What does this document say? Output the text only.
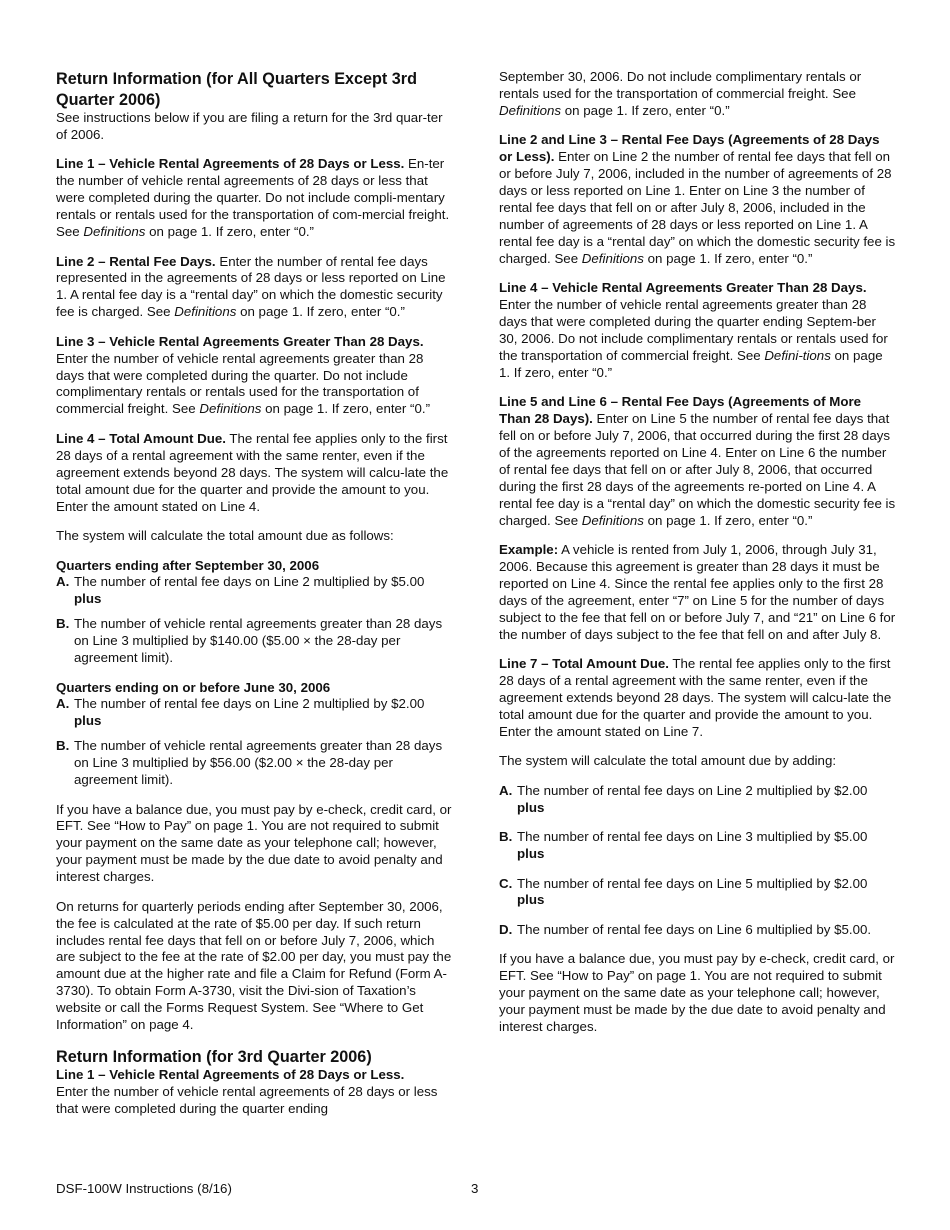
Return Information (for All Quarters Except 3rd Quarter 2006)

See instructions below if you are filing a return for the 3rd quar-ter of 2006.

Line 1 – Vehicle Rental Agreements of 28 Days or Less. En-ter the number of vehicle rental agreements of 28 days or less that were completed during the quarter. Do not include compli-mentary rentals or rentals used for the transportation of com-mercial freight. See Definitions on page 1. If zero, enter “0.”

Line 2 – Rental Fee Days. Enter the number of rental fee days represented in the agreements of 28 days or less reported on Line 1. A rental fee day is a “rental day” on which the domestic security fee is charged. See Definitions on page 1. If zero, enter “0.”

Line 3 – Vehicle Rental Agreements Greater Than 28 Days. Enter the number of vehicle rental agreements greater than 28 days that were completed during the quarter. Do not include complimentary rentals or rentals used for the transportation of commercial freight. See Definitions on page 1. If zero, enter “0.”

Line 4 – Total Amount Due. The rental fee applies only to the first 28 days of a rental agreement with the same renter, even if the agreement extends beyond 28 days. The system will calcu-late the total amount due for the quarter and provide the amount to you. Enter the amount stated on Line 4.

The system will calculate the total amount due as follows:

Quarters ending after September 30, 2006

A. The number of rental fee days on Line 2 multiplied by $5.00
plus
B. The number of vehicle rental agreements greater than 28 days on Line 3 multiplied by $140.00 ($5.00 × the 28-day per agreement limit).

Quarters ending on or before June 30, 2006

A. The number of rental fee days on Line 2 multiplied by $2.00
plus
B. The number of vehicle rental agreements greater than 28 days on Line 3 multiplied by $56.00 ($2.00 × the 28-day per agreement limit).

If you have a balance due, you must pay by e-check, credit card, or EFT. See “How to Pay” on page 1. You are not required to submit your payment on the same date as your telephone call; however, your payment must be made by the due date to avoid penalty and interest charges.

On returns for quarterly periods ending after September 30, 2006, the fee is calculated at the rate of $5.00 per day. If such return includes rental fee days that fell on or before July 7, 2006, which are subject to the fee at the rate of $2.00 per day, you must pay the amount due at the higher rate and file a Claim for Refund (Form A-3730). To obtain Form A-3730, visit the Divi-sion of Taxation’s website or call the Forms Request System. See “Where to Get Information” on page 4.

Return Information (for 3rd Quarter 2006)

Line 1 – Vehicle Rental Agreements of 28 Days or Less.
Enter the number of vehicle rental agreements of 28 days or less that were completed during the quarter ending

September 30, 2006. Do not include complimentary rentals or rentals used for the transportation of commercial freight. See Definitions on page 1. If zero, enter “0.”

Line 2 and Line 3 – Rental Fee Days (Agreements of 28 Days or Less). Enter on Line 2 the number of rental fee days that fell on or before July 7, 2006, included in the number of agreements of 28 days or less reported on Line 1. Enter on Line 3 the number of rental fee days that fell on or after July 8, 2006, included in the number of agreements of 28 days or less reported on Line 1. A rental fee day is a “rental day” on which the domestic security fee is charged. See Definitions on page 1. If zero, enter “0.”

Line 4 – Vehicle Rental Agreements Greater Than 28 Days. Enter the number of vehicle rental agreements greater than 28 days that were completed during the quarter ending Septem-ber 30, 2006. Do not include complimentary rentals or rentals used for the transportation of commercial freight. See Defini-tions on page 1. If zero, enter “0.”

Line 5 and Line 6 – Rental Fee Days (Agreements of More Than 28 Days). Enter on Line 5 the number of rental fee days that fell on or before July 7, 2006, that occurred during the first 28 days of the agreements reported on Line 4. Enter on Line 6 the number of rental fee days that fell on or after July 8, 2006, that occurred during the first 28 days of the agreements re-ported on Line 4. A rental fee day is a “rental day” on which the domestic security fee is charged. See Definitions on page 1. If zero, enter “0.”

Example: A vehicle is rented from July 1, 2006, through July 31, 2006. Because this agreement is greater than 28 days it must be reported on Line 4. Since the rental fee applies only to the first 28 days of the agreement, enter “7” on Line 5 for the number of days subject to the fee that fell on or before July 7, and “21” on Line 6 for the number of days subject to the fee that fell on and after July 8.

Line 7 – Total Amount Due. The rental fee applies only to the first 28 days of a rental agreement with the same renter, even if the agreement extends beyond 28 days. The system will calcu-late the total amount due for the quarter and provide the amount to you. Enter the amount stated on Line 7.

The system will calculate the total amount due by adding:

A. The number of rental fee days on Line 2 multiplied by $2.00
plus
B. The number of rental fee days on Line 3 multiplied by $5.00
plus
C. The number of rental fee days on Line 5 multiplied by $2.00
plus
D. The number of rental fee days on Line 6 multiplied by $5.00.

If you have a balance due, you must pay by e-check, credit card, or EFT. See “How to Pay” on page 1. You are not required to submit your payment on the same date as your telephone call; however, your payment must be made by the due date to avoid penalty and interest charges.

DSF-100W Instructions (8/16)	3
